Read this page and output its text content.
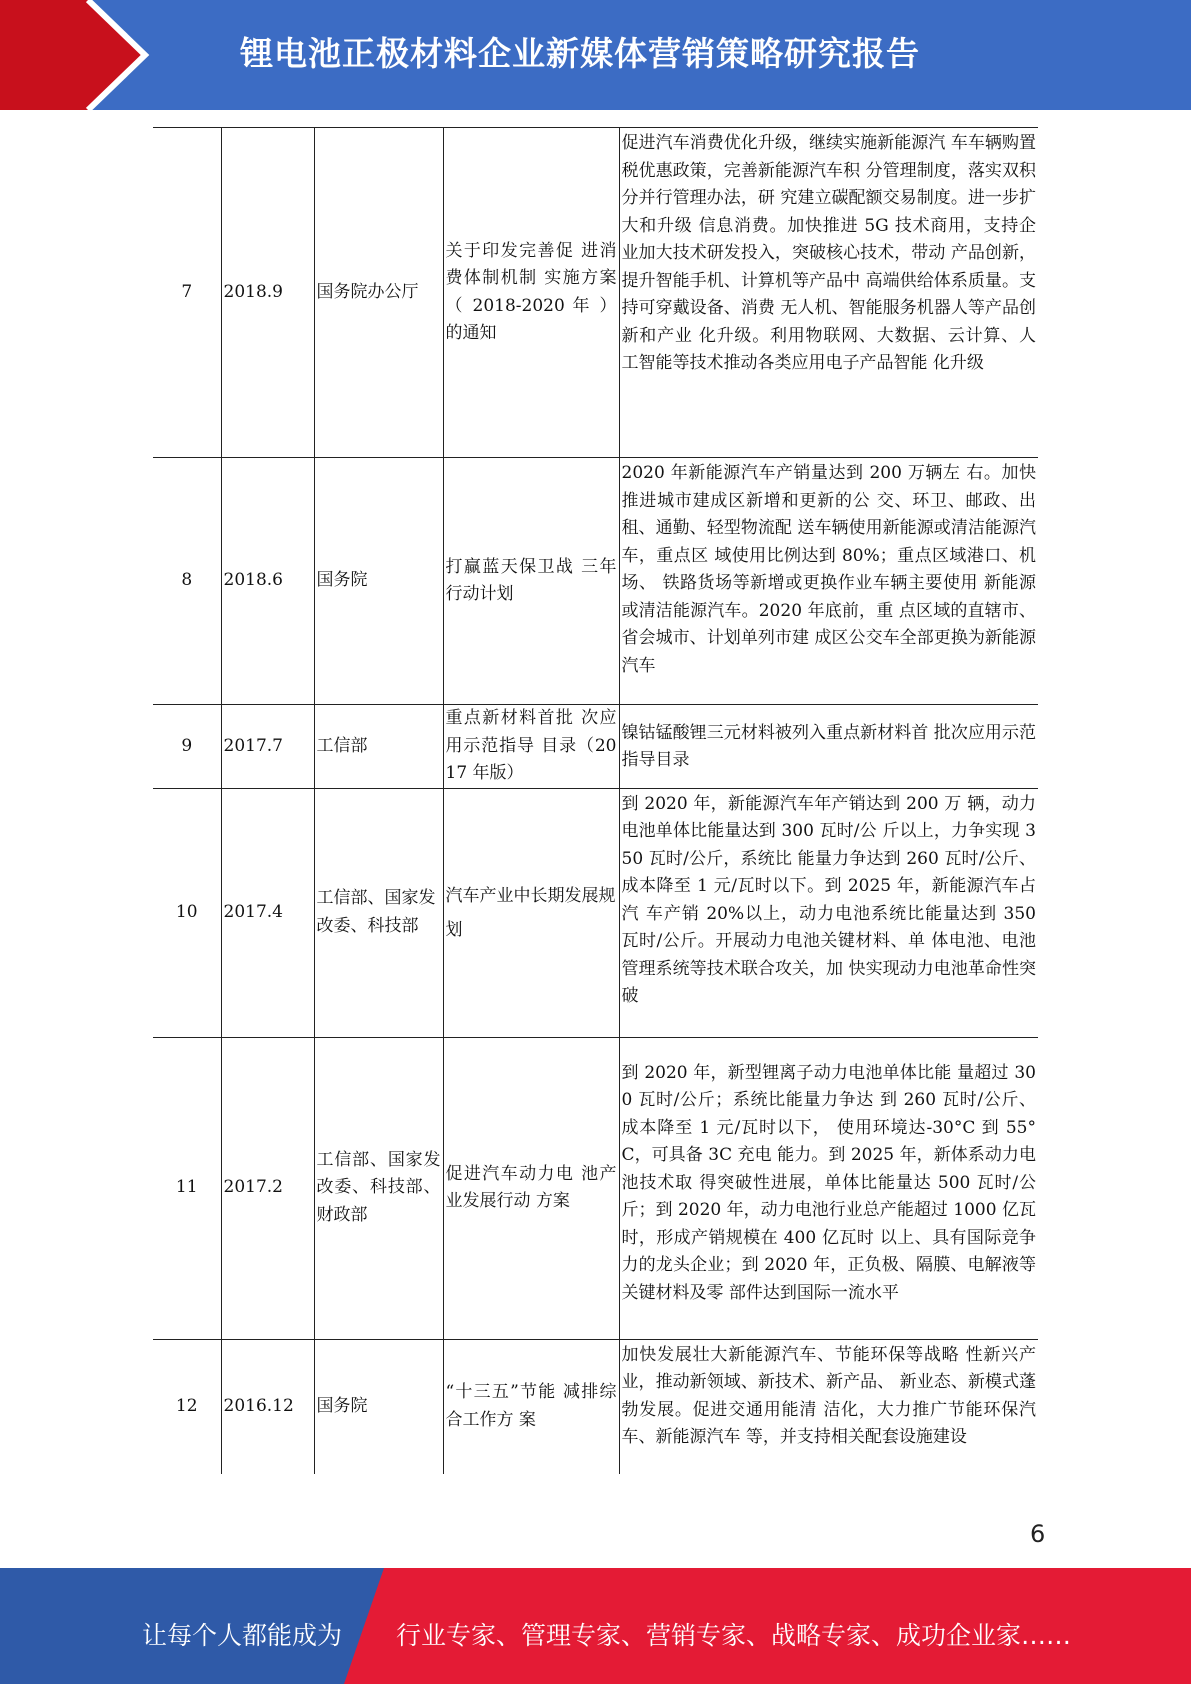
锂电池正极材料企业新媒体营销策略研究报告
7	2018.9	国务院办公厅	关于印发完善促 进消费体制机制 实施方案 （ 2018-2020 年 ）的通知	促进汽车消费优化升级，继续实施新能源汽 车车辆购置税优惠政策，完善新能源汽车积 分管理制度，落实双积分并行管理办法，研 究建立碳配额交易制度。进一步扩大和升级 信息消费。加快推进 5G 技术商用，支持企 业加大技术研发投入，突破核心技术，带动 产品创新，提升智能手机、计算机等产品中 高端供给体系质量。支持可穿戴设备、消费 无人机、智能服务机器人等产品创新和产业 化升级。利用物联网、大数据、云计算、人 工智能等技术推动各类应用电子产品智能 化升级
8	2018.6	国务院	打赢蓝天保卫战 三年行动计划	2020 年新能源汽车产销量达到 200 万辆左 右。加快推进城市建成区新增和更新的公 交、环卫、邮政、出租、通勤、轻型物流配 送车辆使用新能源或清洁能源汽车，重点区 域使用比例达到 80%；重点区域港口、机场、 铁路货场等新增或更换作业车辆主要使用 新能源或清洁能源汽车。2020 年底前，重 点区域的直辖市、省会城市、计划单列市建 成区公交车全部更换为新能源汽车
9	2017.7	工信部	重点新材料首批 次应用示范指导 目录（2017 年版）	镍钴锰酸锂三元材料被列入重点新材料首 批次应用示范指导目录
10	2017.4	工信部、国家发改委、科技部	汽车产业中长期发展规划	到 2020 年，新能源汽车年产销达到 200 万 辆，动力电池单体比能量达到 300 瓦时/公 斤以上，力争实现 350 瓦时/公斤，系统比 能量力争达到 260 瓦时/公斤、成本降至 1 元/瓦时以下。到 2025 年，新能源汽车占汽 车产销 20%以上，动力电池系统比能量达到 350 瓦时/公斤。开展动力电池关键材料、单 体电池、电池管理系统等技术联合攻关，加 快实现动力电池革命性突破
11	2017.2	工信部、国家发改委、科技部、财政部	促进汽车动力电 池产业发展行动 方案	到 2020 年，新型锂离子动力电池单体比能 量超过 300 瓦时/公斤；系统比能量力争达 到 260 瓦时/公斤、成本降至 1 元/瓦时以下， 使用环境达-30°C 到 55°C，可具备 3C 充电 能力。到 2025 年，新体系动力电池技术取 得突破性进展，单体比能量达 500 瓦时/公 斤；到 2020 年，动力电池行业总产能超过 1000 亿瓦时，形成产销规模在 400 亿瓦时 以上、具有国际竞争力的龙头企业；到 2020 年，正负极、隔膜、电解液等关键材料及零 部件达到国际一流水平
12	2016.12	国务院	“十三五”节能 减排综合工作方 案	加快发展壮大新能源汽车、节能环保等战略 性新兴产业，推动新领域、新技术、新产品、 新业态、新模式蓬勃发展。促进交通用能清 洁化，大力推广节能环保汽车、新能源汽车 等，并支持相关配套设施建设
6
让每个人都能成为 行业专家、管理专家、营销专家、战略专家、成功企业家……
